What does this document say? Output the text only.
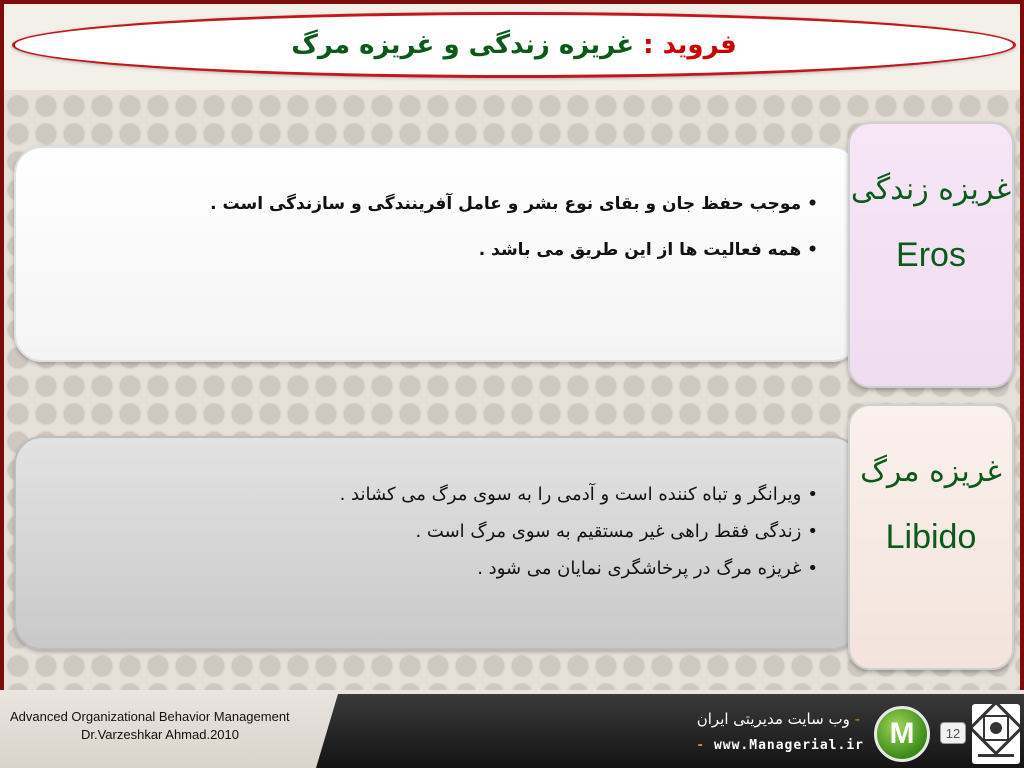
فروید : غریزه زندگی و غریزه مرگ
• موجب حفظ جان و بقای نوع بشر و عامل آفرینندگی و سازندگی است .
• همه فعالیت ها از این طریق می باشد .
غریزه زندگی
Eros
• ویرانگر و تباه کننده است و آدمی را به سوی مرگ می کشاند .
• زندگی فقط راهی غیر مستقیم به سوی مرگ است .
• غریزه مرگ در پرخاشگری نمایان می شود .
غریزه مرگ
Libido
Advanced Organizational Behavior Management
Dr.Varzeshkar Ahmad.2010
- وب سایت مدیریتی ایران
- www.Managerial.ir M	12
